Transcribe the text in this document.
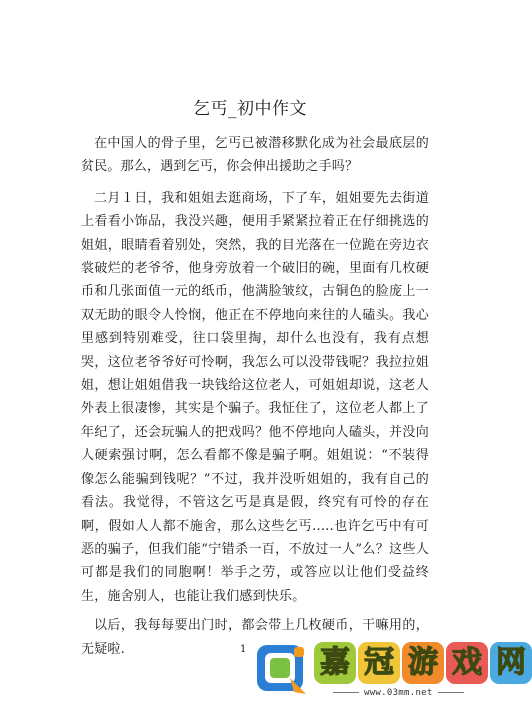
乞丐_初中作文

在中国人的骨子里，乞丐已被潜移默化成为社会最底层的贫民。那么，遇到乞丐，你会伸出援助之手吗？

二月１日，我和姐姐去逛商场，下了车，姐姐要先去街道上看看小饰品，我没兴趣，便用手紧紧拉着正在仔细挑选的姐姐，眼睛看着别处，突然，我的目光落在一位跪在旁边衣裳破烂的老爷爷，他身旁放着一个破旧的碗，里面有几枚硬币和几张面值一元的纸币，他满脸皱纹，古铜色的脸庞上一双无助的眼令人怜悯，他正在不停地向来往的人磕头。我心里感到特别难受，往口袋里掏，却什么也没有，我有点想哭，这位老爷爷好可怜啊，我怎么可以没带钱呢？我拉拉姐姐，想让姐姐借我一块钱给这位老人，可姐姐却说，这老人外表上很凄惨，其实是个骗子。我怔住了，这位老人都上了年纪了，还会玩骗人的把戏吗？他不停地向人磕头，并没向人硬索强讨啊，怎么看都不像是骗子啊。姐姐说：“不装得像怎么能骗到钱呢？”不过，我并没听姐姐的，我有自己的看法。我觉得，不管这乞丐是真是假，终究有可怜的存在啊，假如人人都不施舍，那么这些乞丐.....也许乞丐中有可恶的骗子，但我们能“宁错杀一百，不放过一人”么？这些人可都是我们的同胞啊！举手之劳，或答应以让他们受益终生，施舍别人，也能让我们感到快乐。

以后，我每每要出门时，都会带上几枚硬币，干嘛用的，无疑啦.	1 嘉 冠 游 戏 网
www.03mm.net
